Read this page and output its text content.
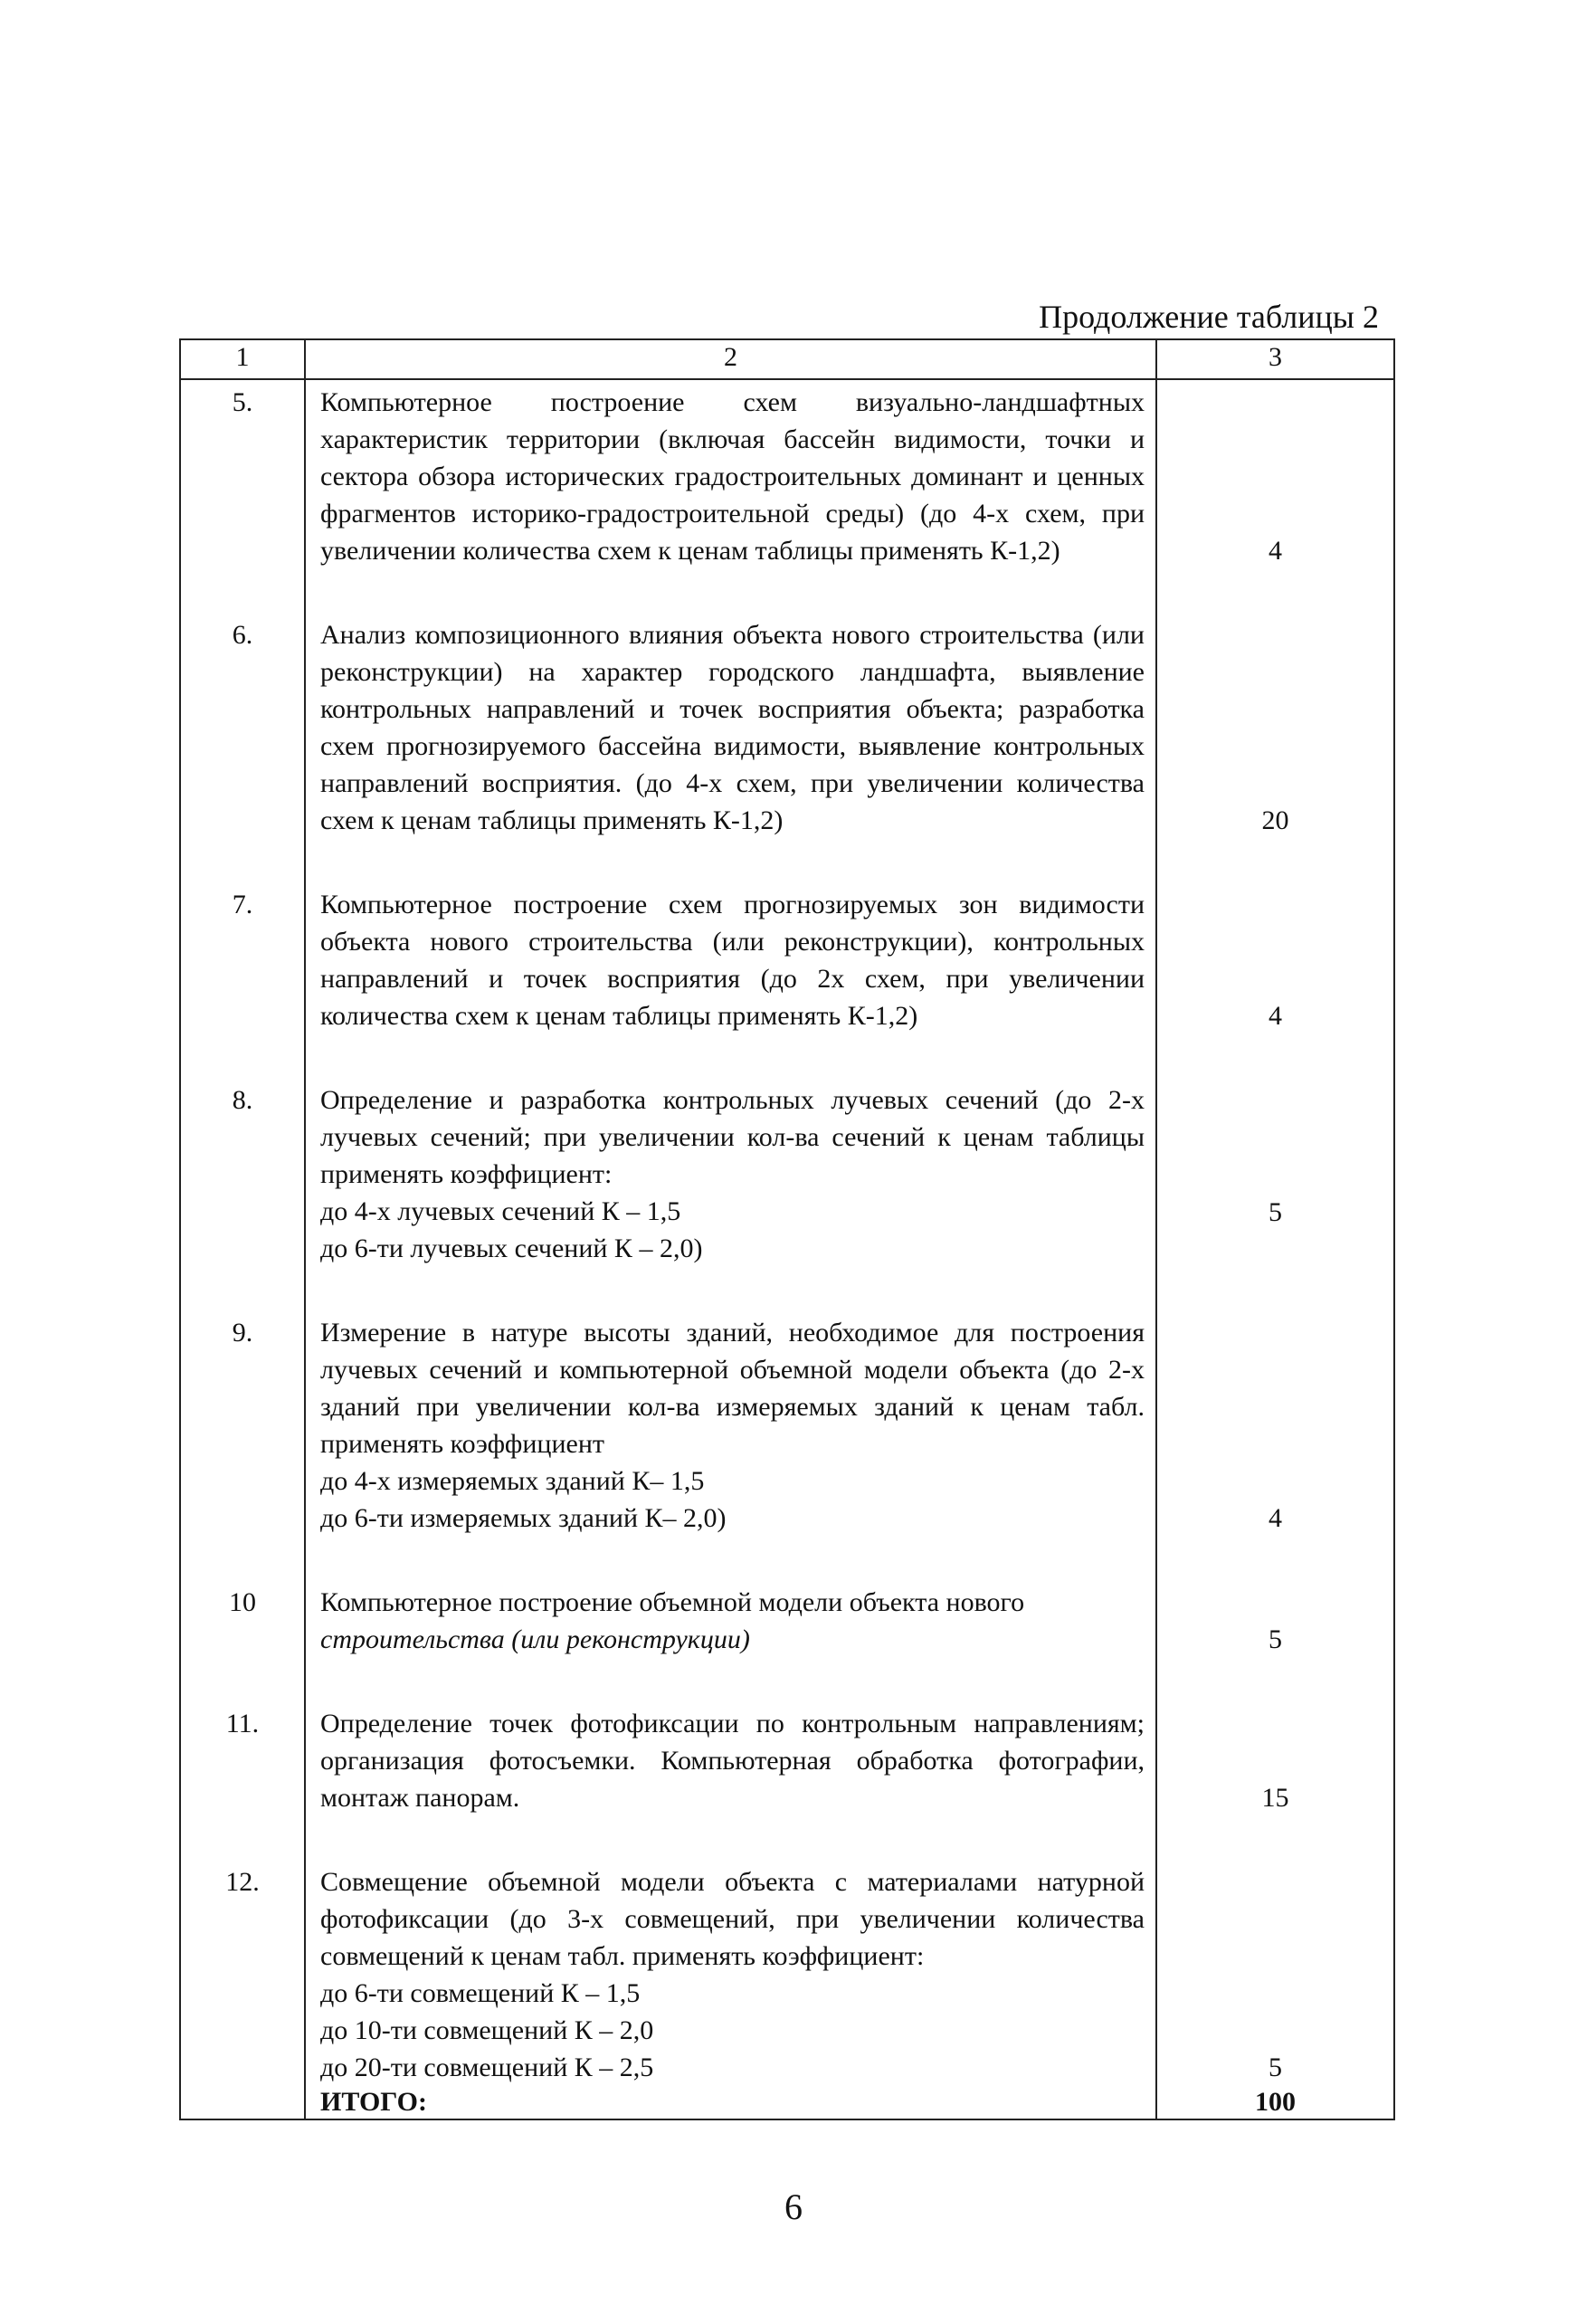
Продолжение таблицы 2
1	2	3
5.	Компьютерное построение схем визуально-ландшафтных характеристик территории (включая бассейн видимости, точки и сектора обзора исторических градостроительных доминант и ценных фрагментов историко-градостроительной среды) (до 4-х схем, при увеличении количества схем к ценам таблицы применять К-1,2)	4
6.	Анализ композиционного влияния объекта нового строительства (или реконструкции) на характер городского ландшафта, выявление контрольных направлений и точек восприятия объекта; разработка схем прогнозируемого бассейна видимости, выявление контрольных направлений восприятия. (до 4-х схем, при увеличении количества схем к ценам таблицы применять К-1,2)	20
7.	Компьютерное построение схем прогнозируемых зон видимости объекта нового строительства (или реконструкции), контрольных направлений и точек восприятия (до 2х схем, при увеличении количества схем к ценам таблицы применять К-1,2)	4
8.	Определение и разработка контрольных лучевых сечений (до 2-х лучевых сечений; при увеличении кол-ва сечений к ценам таблицы применять коэффициент:
до 4-х лучевых сечений К – 1,5
до 6-ти лучевых сечений К – 2,0)	5
9.	Измерение в натуре высоты зданий, необходимое для построения лучевых сечений и компьютерной объемной модели объекта (до 2-х зданий при увеличении кол-ва измеряемых зданий к ценам табл. применять коэффициент
до 4-х измеряемых зданий К– 1,5
до 6-ти измеряемых зданий К– 2,0)	4
10	Компьютерное построение объемной модели объекта нового
строительства (или реконструкции)	5
11.	Определение точек фотофиксации по контрольным направлениям; организация фотосъемки. Компьютерная обработка фотографии, монтаж панорам.	15
12.	Совмещение объемной модели объекта с материалами натурной фотофиксации (до 3-х совмещений, при увеличении количества совмещений к ценам табл. применять коэффициент:
до 6-ти совмещений К – 1,5
до 10-ти совмещений К – 2,0
до 20-ти совмещений К – 2,5	5
	ИТОГО:	100
6
